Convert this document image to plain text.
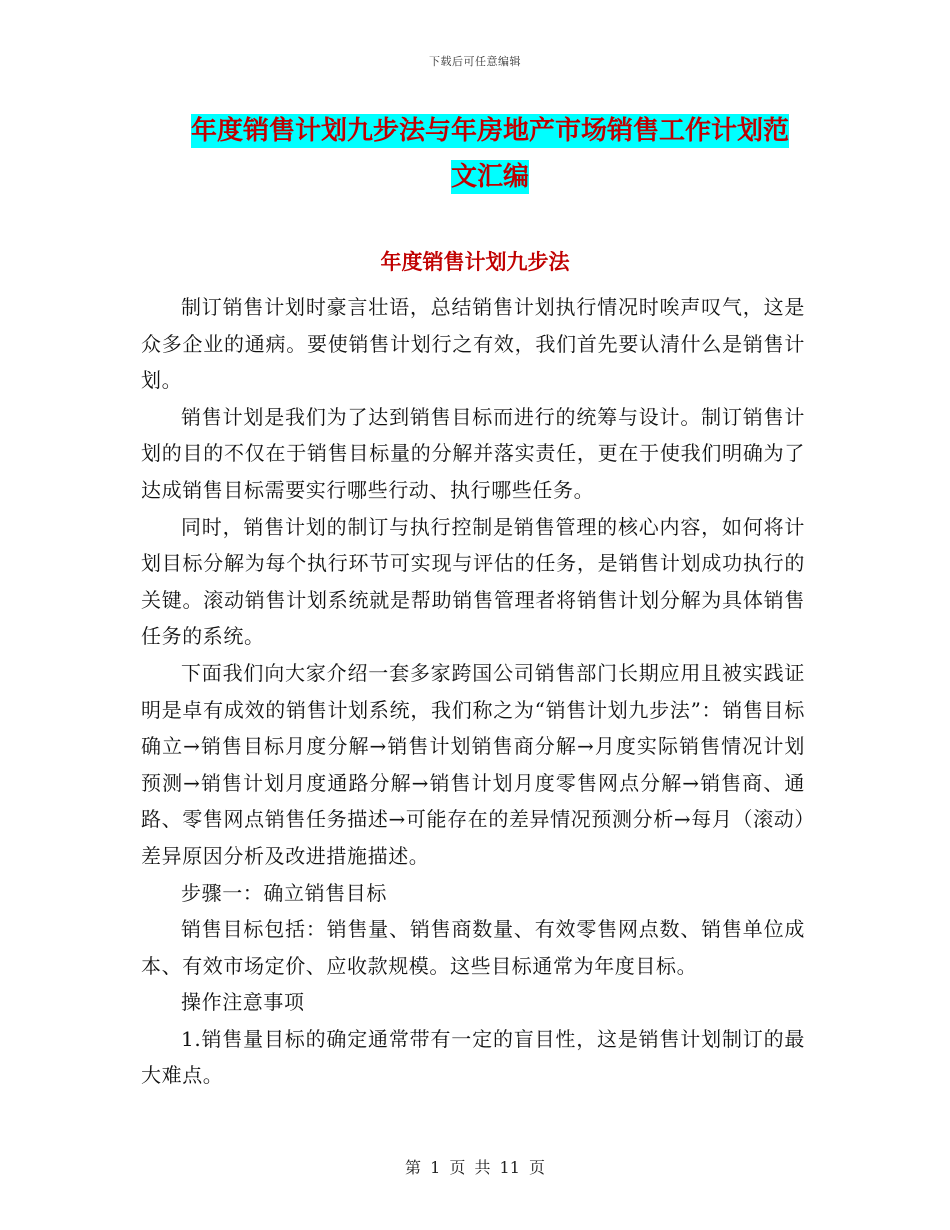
下载后可任意编辑
年度销售计划九步法与年房地产市场销售工作计划范
文汇编
年度销售计划九步法

制订销售计划时豪言壮语，总结销售计划执行情况时唉声叹气，这是众多企业的通病。要使销售计划行之有效，我们首先要认清什么是销售计划。

销售计划是我们为了达到销售目标而进行的统筹与设计。制订销售计划的目的不仅在于销售目标量的分解并落实责任，更在于使我们明确为了达成销售目标需要实行哪些行动、执行哪些任务。

同时，销售计划的制订与执行控制是销售管理的核心内容，如何将计划目标分解为每个执行环节可实现与评估的任务，是销售计划成功执行的关键。滚动销售计划系统就是帮助销售管理者将销售计划分解为具体销售任务的系统。

下面我们向大家介绍一套多家跨国公司销售部门长期应用且被实践证明是卓有成效的销售计划系统，我们称之为“销售计划九步法”：销售目标确立→销售目标月度分解→销售计划销售商分解→月度实际销售情况计划预测→销售计划月度通路分解→销售计划月度零售网点分解→销售商、通路、零售网点销售任务描述→可能存在的差异情况预测分析→每月（滚动）差异原因分析及改进措施描述。

步骤一：确立销售目标

销售目标包括：销售量、销售商数量、有效零售网点数、销售单位成本、有效市场定价、应收款规模。这些目标通常为年度目标。

操作注意事项

1.销售量目标的确定通常带有一定的盲目性，这是销售计划制订的最大难点。

第 1 页 共 11 页
